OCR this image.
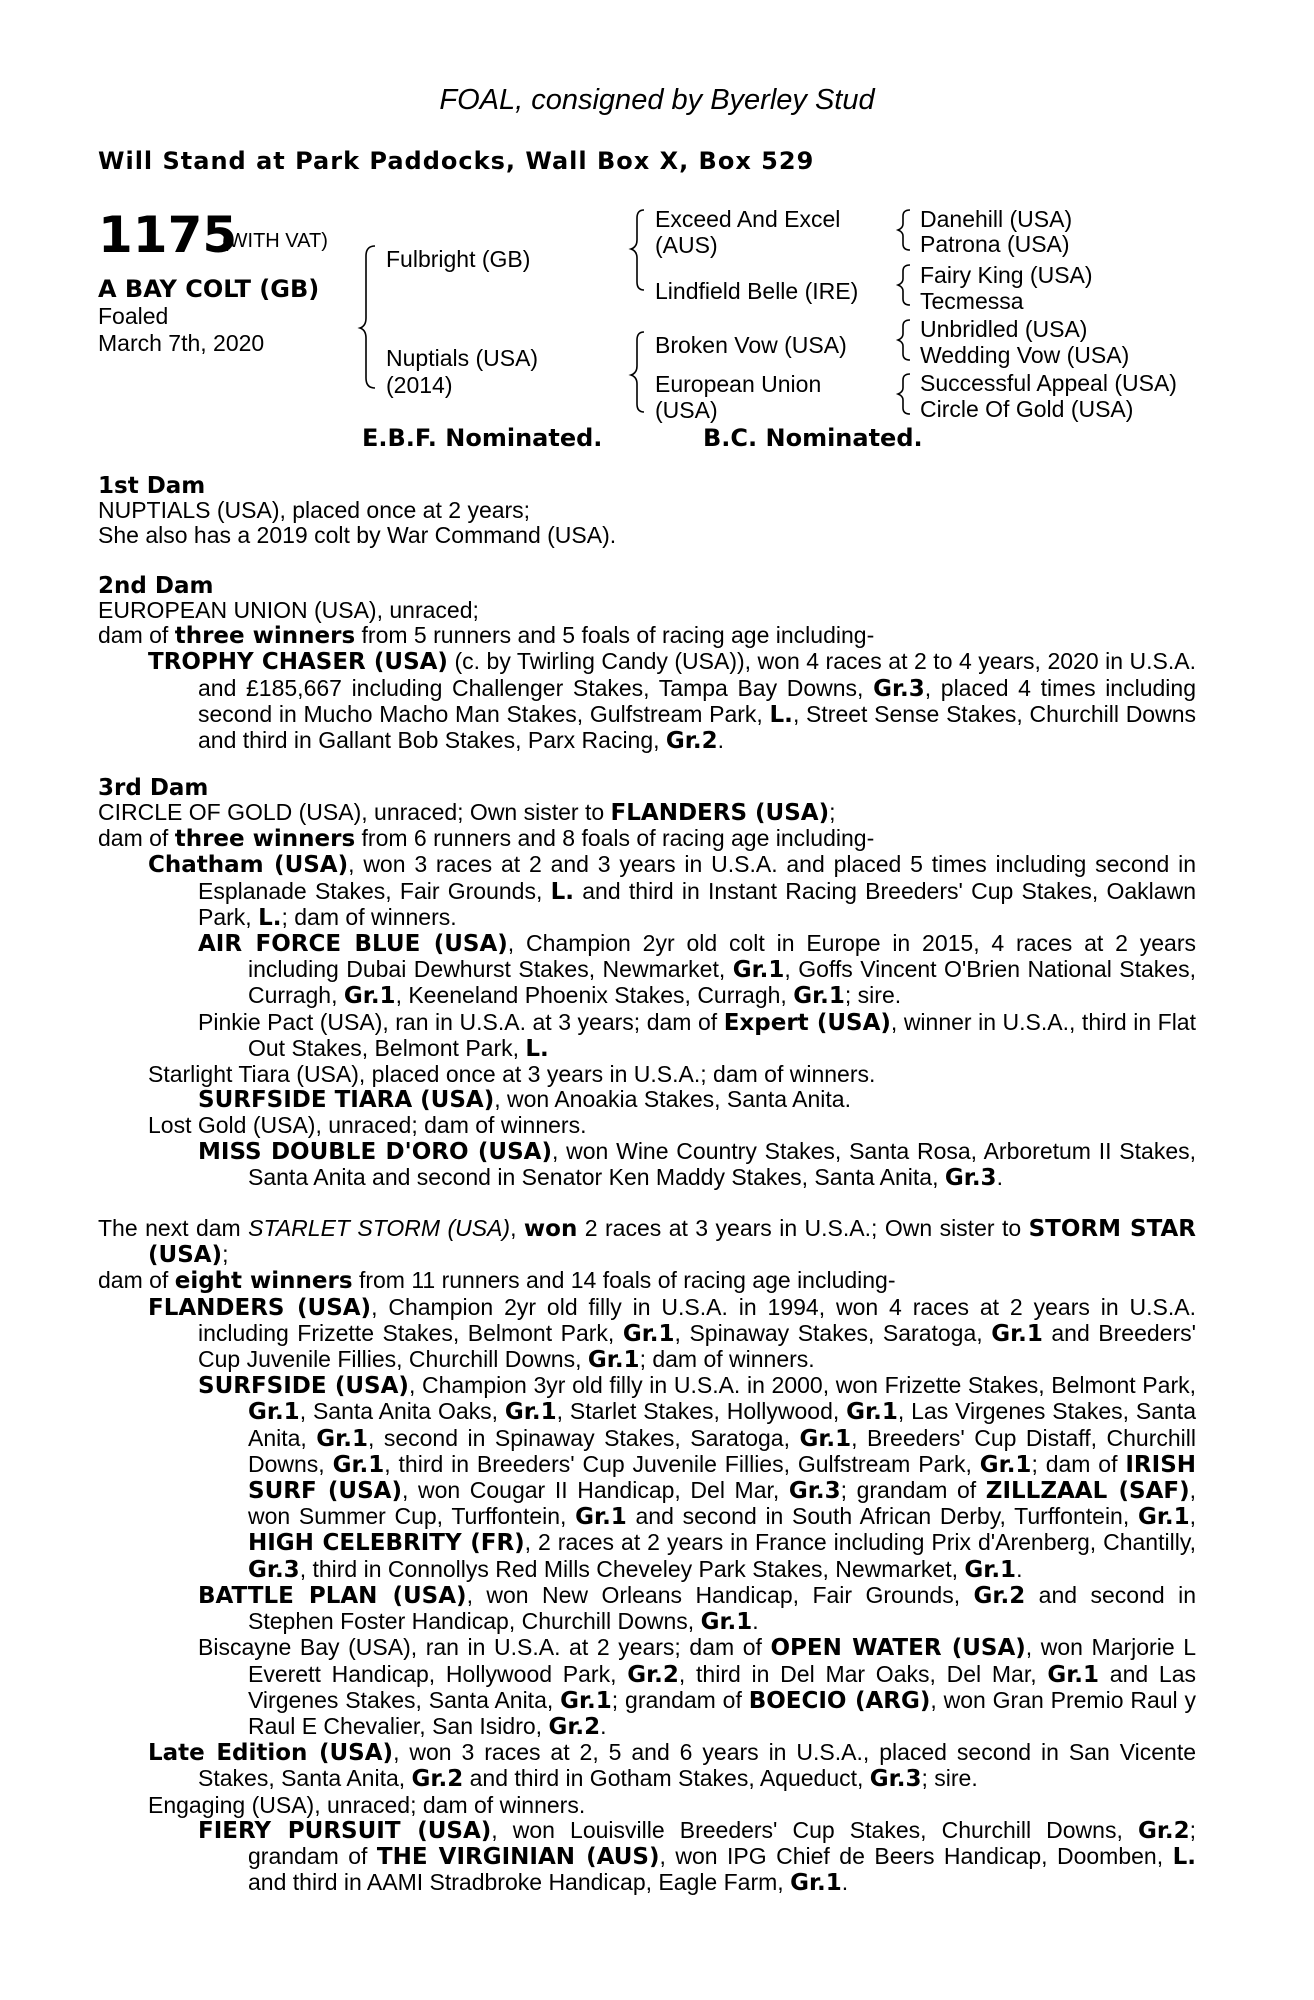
FOAL, consigned by Byerley Stud
Will Stand at Park Paddocks, Wall Box X, Box 529
1175
(WITH VAT)
A BAY COLT (GB)
Foaled
March 7th, 2020
Fulbright (GB)
Nuptials (USA)
(2014)
Exceed And Excel
(AUS)
Lindfield Belle (IRE)
Broken Vow (USA)
European Union
(USA)
Danehill (USA)
Patrona (USA)
Fairy King (USA)
Tecmessa
Unbridled (USA)
Wedding Vow (USA)
Successful Appeal (USA)
Circle Of Gold (USA)
E.B.F. Nominated.	B.C. Nominated.
1st Dam

NUPTIALS (USA), placed once at 2 years;

She also has a 2019 colt by War Command (USA).

2nd Dam

EUROPEAN UNION (USA), unraced;

dam of three winners from 5 runners and 5 foals of racing age including-

TROPHY CHASER (USA) (c. by Twirling Candy (USA)), won 4 races at 2 to 4 years, 2020 in U.S.A. and £185,667 including Challenger Stakes, Tampa Bay Downs, Gr.3, placed 4 times including second in Mucho Macho Man Stakes, Gulfstream Park, L., Street Sense Stakes, Churchill Downs and third in Gallant Bob Stakes, Parx Racing, Gr.2.

3rd Dam

CIRCLE OF GOLD (USA), unraced; Own sister to FLANDERS (USA);

dam of three winners from 6 runners and 8 foals of racing age including-

Chatham (USA), won 3 races at 2 and 3 years in U.S.A. and placed 5 times including second in Esplanade Stakes, Fair Grounds, L. and third in Instant Racing Breeders' Cup Stakes, Oaklawn Park, L.; dam of winners.

AIR FORCE BLUE (USA), Champion 2yr old colt in Europe in 2015, 4 races at 2 years including Dubai Dewhurst Stakes, Newmarket, Gr.1, Goffs Vincent O'Brien National Stakes, Curragh, Gr.1, Keeneland Phoenix Stakes, Curragh, Gr.1; sire.

Pinkie Pact (USA), ran in U.S.A. at 3 years; dam of Expert (USA), winner in U.S.A., third in Flat Out Stakes, Belmont Park, L.

Starlight Tiara (USA), placed once at 3 years in U.S.A.; dam of winners.

SURFSIDE TIARA (USA), won Anoakia Stakes, Santa Anita.

Lost Gold (USA), unraced; dam of winners.

MISS DOUBLE D'ORO (USA), won Wine Country Stakes, Santa Rosa, Arboretum II Stakes, Santa Anita and second in Senator Ken Maddy Stakes, Santa Anita, Gr.3.

The next dam STARLET STORM (USA), won 2 races at 3 years in U.S.A.; Own sister to STORM STAR (USA);

dam of eight winners from 11 runners and 14 foals of racing age including-

FLANDERS (USA), Champion 2yr old filly in U.S.A. in 1994, won 4 races at 2 years in U.S.A. including Frizette Stakes, Belmont Park, Gr.1, Spinaway Stakes, Saratoga, Gr.1 and Breeders' Cup Juvenile Fillies, Churchill Downs, Gr.1; dam of winners.

SURFSIDE (USA), Champion 3yr old filly in U.S.A. in 2000, won Frizette Stakes, Belmont Park, Gr.1, Santa Anita Oaks, Gr.1, Starlet Stakes, Hollywood, Gr.1, Las Virgenes Stakes, Santa Anita, Gr.1, second in Spinaway Stakes, Saratoga, Gr.1, Breeders' Cup Distaff, Churchill Downs, Gr.1, third in Breeders' Cup Juvenile Fillies, Gulfstream Park, Gr.1; dam of IRISH SURF (USA), won Cougar II Handicap, Del Mar, Gr.3; grandam of ZILLZAAL (SAF), won Summer Cup, Turffontein, Gr.1 and second in South African Derby, Turffontein, Gr.1, HIGH CELEBRITY (FR), 2 races at 2 years in France including Prix d'Arenberg, Chantilly, Gr.3, third in Connollys Red Mills Cheveley Park Stakes, Newmarket, Gr.1.

BATTLE PLAN (USA), won New Orleans Handicap, Fair Grounds, Gr.2 and second in Stephen Foster Handicap, Churchill Downs, Gr.1.

Biscayne Bay (USA), ran in U.S.A. at 2 years; dam of OPEN WATER (USA), won Marjorie L Everett Handicap, Hollywood Park, Gr.2, third in Del Mar Oaks, Del Mar, Gr.1 and Las Virgenes Stakes, Santa Anita, Gr.1; grandam of BOECIO (ARG), won Gran Premio Raul y Raul E Chevalier, San Isidro, Gr.2.

Late Edition (USA), won 3 races at 2, 5 and 6 years in U.S.A., placed second in San Vicente Stakes, Santa Anita, Gr.2 and third in Gotham Stakes, Aqueduct, Gr.3; sire.

Engaging (USA), unraced; dam of winners.

FIERY PURSUIT (USA), won Louisville Breeders' Cup Stakes, Churchill Downs, Gr.2; grandam of THE VIRGINIAN (AUS), won IPG Chief de Beers Handicap, Doomben, L. and third in AAMI Stradbroke Handicap, Eagle Farm, Gr.1.
